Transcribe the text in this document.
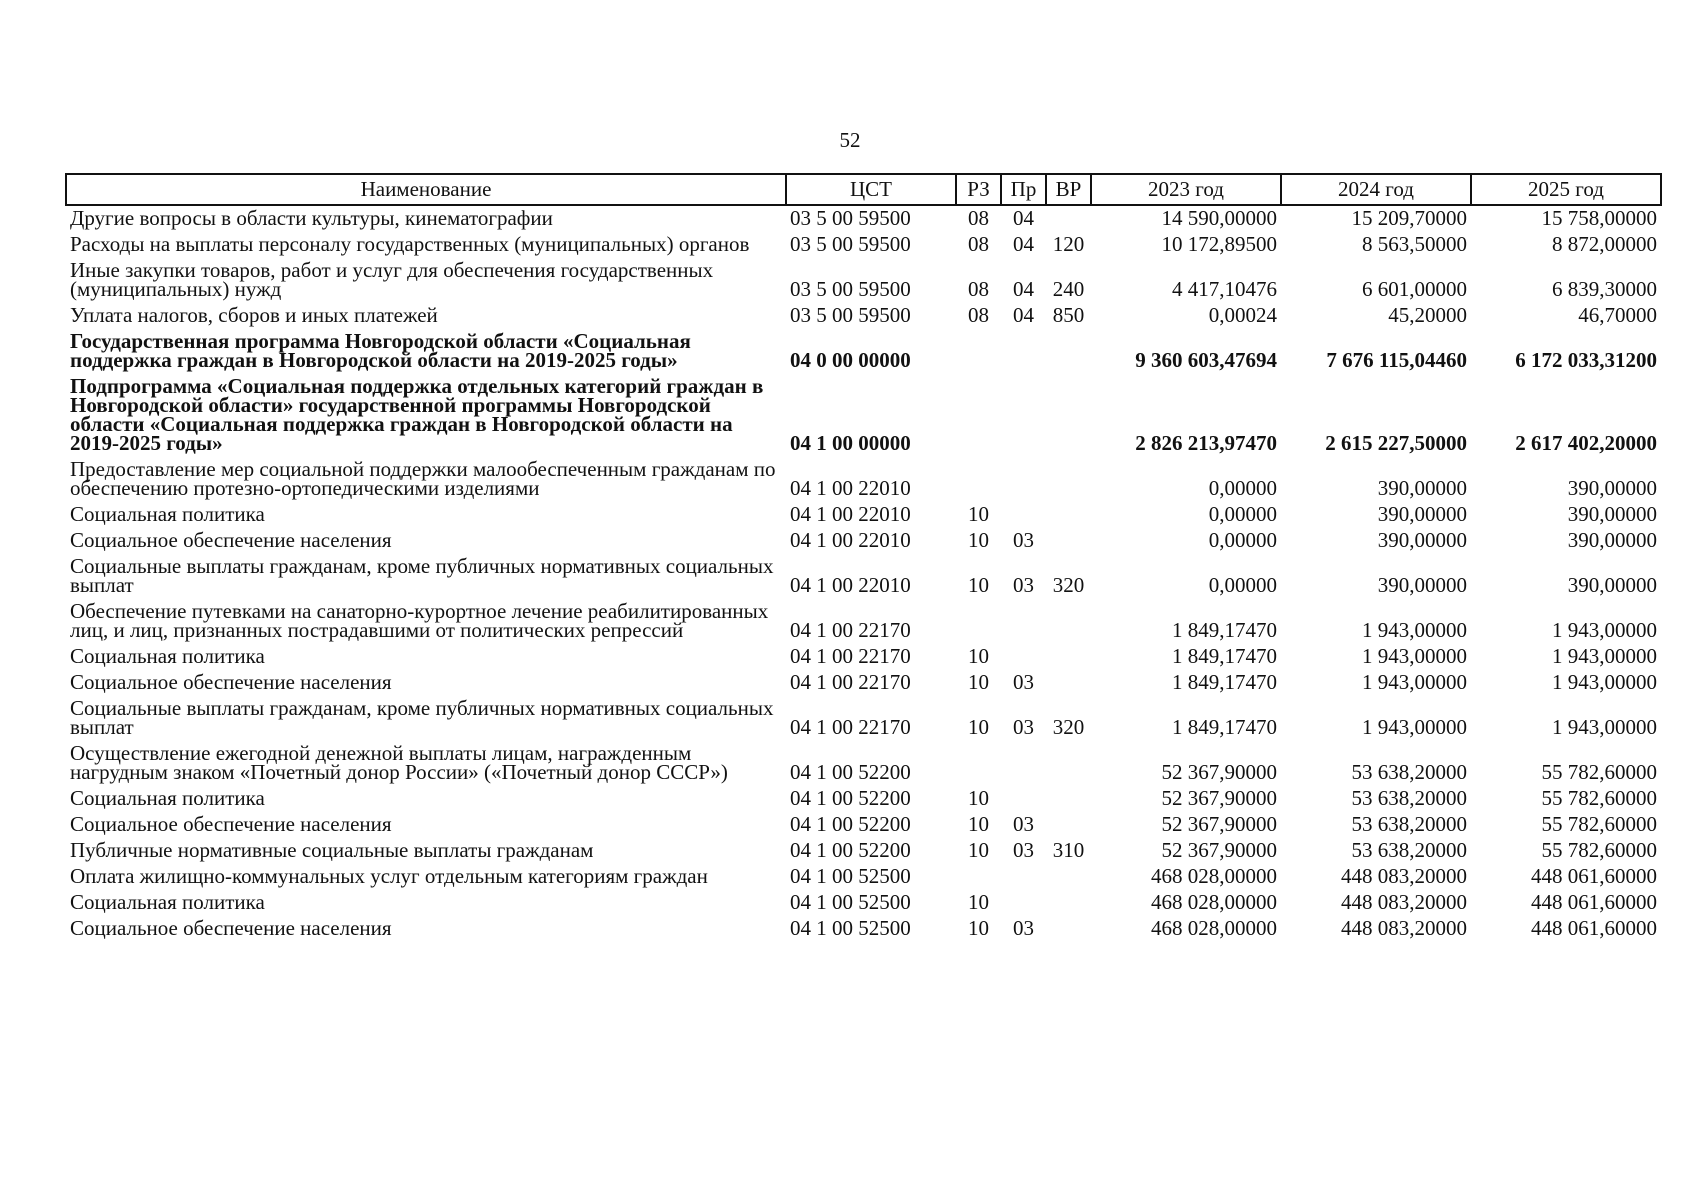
52
Наименование	ЦСТ	РЗ	Пр	ВР	2023 год	2024 год	2025 год
Другие вопросы в области культуры, кинематографии	03 5 00 59500	08	04		14 590,00000	15 209,70000	15 758,00000
Расходы на выплаты персоналу государственных (муниципальных) органов	03 5 00 59500	08	04	120	10 172,89500	8 563,50000	8 872,00000
Иные закупки товаров, работ и услуг для обеспечения государственных (муниципальных) нужд	03 5 00 59500	08	04	240	4 417,10476	6 601,00000	6 839,30000
Уплата налогов, сборов и иных платежей	03 5 00 59500	08	04	850	0,00024	45,20000	46,70000
Государственная программа Новгородской области «Социальная поддержка граждан в Новгородской области на 2019-2025 годы»	04 0 00 00000				9 360 603,47694	7 676 115,04460	6 172 033,31200
Подпрограмма «Социальная поддержка отдельных категорий граждан в Новгородской области» государственной программы Новгородской области «Социальная поддержка граждан в Новгородской области на 2019-2025 годы»	04 1 00 00000				2 826 213,97470	2 615 227,50000	2 617 402,20000
Предоставление мер социальной поддержки малообеспеченным гражданам по обеспечению протезно-ортопедическими изделиями	04 1 00 22010				0,00000	390,00000	390,00000
Социальная политика	04 1 00 22010	10			0,00000	390,00000	390,00000
Социальное обеспечение населения	04 1 00 22010	10	03		0,00000	390,00000	390,00000
Социальные выплаты гражданам, кроме публичных нормативных социальных выплат	04 1 00 22010	10	03	320	0,00000	390,00000	390,00000
Обеспечение путевками на санаторно-курортное лечение реабилитированных лиц, и лиц, признанных пострадавшими от политических репрессий	04 1 00 22170				1 849,17470	1 943,00000	1 943,00000
Социальная политика	04 1 00 22170	10			1 849,17470	1 943,00000	1 943,00000
Социальное обеспечение населения	04 1 00 22170	10	03		1 849,17470	1 943,00000	1 943,00000
Социальные выплаты гражданам, кроме публичных нормативных социальных выплат	04 1 00 22170	10	03	320	1 849,17470	1 943,00000	1 943,00000
Осуществление ежегодной денежной выплаты лицам, награжденным нагрудным знаком «Почетный донор России» («Почетный донор СССР»)	04 1 00 52200				52 367,90000	53 638,20000	55 782,60000
Социальная политика	04 1 00 52200	10			52 367,90000	53 638,20000	55 782,60000
Социальное обеспечение населения	04 1 00 52200	10	03		52 367,90000	53 638,20000	55 782,60000
Публичные нормативные социальные выплаты гражданам	04 1 00 52200	10	03	310	52 367,90000	53 638,20000	55 782,60000
Оплата жилищно-коммунальных услуг отдельным категориям граждан	04 1 00 52500				468 028,00000	448 083,20000	448 061,60000
Социальная политика	04 1 00 52500	10			468 028,00000	448 083,20000	448 061,60000
Социальное обеспечение населения	04 1 00 52500	10	03		468 028,00000	448 083,20000	448 061,60000
